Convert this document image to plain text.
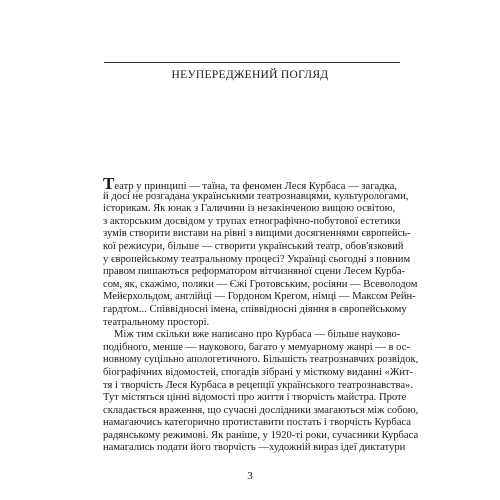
НЕУПЕРЕДЖЕНИЙ ПОГЛЯД
Театр у принципі — таїна, та феномен Леся Курбаса — загадка,
й досі не розгадана українськими театрознавцями, культурологами,
історикам. Як юнак з Галичини із незакінченою вищою освітою,
з акторським досвідом у трупах етнографічно-побутової естетики
зумів створити вистави на рівні з вищими досягненнями європейсь-
кої режисури, більше — створити український театр, обов'язковий
у європейському театральному процесі? Українці сьогодні з повним
правом пишаються реформатором вітчизняної сцени Лесем Курба-
сом, як, скажімо, поляки — Єжі Гротовським, росіяни — Всеволодом
Мейєрхольдом, англійці — Гордоном Крегом, німці — Максом Рейн-
гардтом... Співвідносні імена, співвідносні діяння в європейському
театральному просторі.
Між тим скільки вже написано про Курбаса — більше науково-
подібного, менше — наукового, багато у мемуарному жанрі — в ос-
новному суцільно апологетичного. Більшість театрознавчих розвідок,
біографічних відомостей, спогадів зібрані у місткому виданні «Жит-
тя і творчість Леся Курбаса в рецепції українського театрознавства».
Тут містяться цінні відомості про життя і творчість майстра. Проте
складається враження, що сучасні дослідники змагаються між собою,
намагаючись категорично протиставити постать і творчість Курбаса
радянському режимові. Як раніше, у 1920-ті роки, сучасники Курбаса
намагались подати його творчість —художній вираз ідеї диктатури
3
